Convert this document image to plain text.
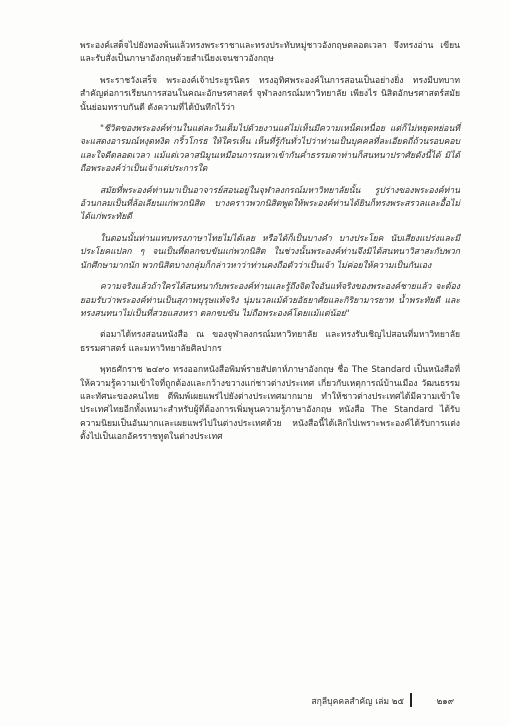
พระองค์เสด็จไปยังทองพ้นแล้วทรงพระราชาและทรงประทับหมู่ชาวอังกฤษตลอดเวลา จึงทรงอ่าน เขียน และรับสั่งเป็นภาษาอังกฤษด้วยสำเนียงเจนชาวอังกฤษ

พระราชวังเสร็จ พระองค์เจ้าประยูรนิตร ทรงอุทิศพระองค์ในการสอนเป็นอย่างยิ่ง ทรงมีบทบาทสำคัญต่อการเรียนการสอนในคณะอักษรศาสตร์ จุฬาลงกรณ์มหาวิทยาลัย เพียงไร นิสิตอักษรศาสตร์สมัยนั้นย่อมทราบกันดี ดังความที่ได้บันทึกไว้ว่า

"ชีวิตของพระองค์ท่านในแต่ละวันเต็มไปด้วยงานแต่ไม่เห็นมีความเหน็ดเหนื่อย แต่ก็ไม่หยุดหย่อนที่จะแสดงอารมณ์หงุดหงิด กริ้วโกรธ ให้ใครเห็น เห็นที่รู้กันทั่วไปว่าท่านเป็นบุคคลที่ละเอียดถี่ถ้วนรอบคอบ และใจดีตลอดเวลา แม้แต่เวลาสนิมูนเหมือนการณหาเข้ากันค่ำธรรมดาท่านก็สนทนาปราศัยดังนี้ได้ มิได้ถือพระองค์ว่าเป็นเจ้าแต่ประการใด

สมัยที่พระองค์ท่านมาเป็นอาจารย์สอนอยู่ในจุฬาลงกรณ์มหาวิทยาลัยนั้น รูปร่างของพระองค์ท่านอ้วนกลมเป็นที่ล้อเลียนแก่พวกนิสิต บางคราวพวกนิสิตพูดให้พระองค์ท่านได้ยินก็ทรงพระสรวลและอื้อไม่ได้แก่พระทัยดี

ในตอนนั้นท่านแทบทรงภาษาไทยไม่ได้เลย หรือได้ก็เป็นบางคำ บางประโยค นับเสียงแปร่งและมีประโยคแปลก ๆ จนเป็นที่ตลกขบขันแก่พวกนิสิต ในช่วงนั้นพระองค์ท่านจึงมิได้สนทนาวิสาสะกับพวกนักศึกษามากนัก พวกนิสิตบางกลุ่มก็กล่าวหาว่าท่านคงถือตัวว่าเป็นเจ้า ไม่ค่อยให้ความเป็นกันเอง

ความจริงแล้วถ้าใครได้สนทนากับพระองค์ท่านและรู้ถึงจิตใจอันแท้จริงของพระองค์ชายแล้ว จะต้องยอมรับว่าพระองค์ท่านเป็นสุภาพบุรุษแท้จริง นุ่มนวลแม้ด้วยอัธยาศัยและกิริยามารยาท น้ำพระทัยดี และทรงสนทนาไม่เป็นที่สวยแสงหรา ตลกขบขัน ไม่ถือพระองค์โดยแม้แต่น้อย"

ต่อมาได้ทรงสอนหนังสือ ณ ของจุฬาลงกรณ์มหาวิทยาลัย และทรงรับเชิญไปสอนที่มหาวิทยาลัยธรรมศาสตร์ และมหาวิทยาลัยศิลปากร

พุทธศักราช ๒๔๙๐ ทรงออกหนังสือพิมพ์รายสัปดาห์ภาษาอังกฤษ ชื่อ The Standard เป็นหนังสือที่ให้ความรู้ความเข้าใจที่ถูกต้องและกว้างขวางแก่ชาวต่างประเทศ เกี่ยวกับเหตุการณ์บ้านเมือง วัฒนธรรมและทัศนะของคนไทย ตีพิมพ์เผยแพร่ไปยังต่างประเทศมากมาย ทำให้ชาวต่างประเทศได้มีความเข้าใจประเทศไทยอีกทั้งเหมาะสำหรับผู้ที่ต้องการเพิ่มพูนความรู้ภาษาอังกฤษ หนังสือ The Standard ได้รับความนิยมเป็นอันมากและเผยแพร่ไปในต่างประเทศด้วย หนังสือนี้ได้เลิกไปเพราะพระองค์ได้รับการแต่งตั้งไปเป็นเอกอัครราชทูตในต่างประเทศ

สกุลีบุคคลสำคัญ เล่ม ๒๕	๒๑๙
